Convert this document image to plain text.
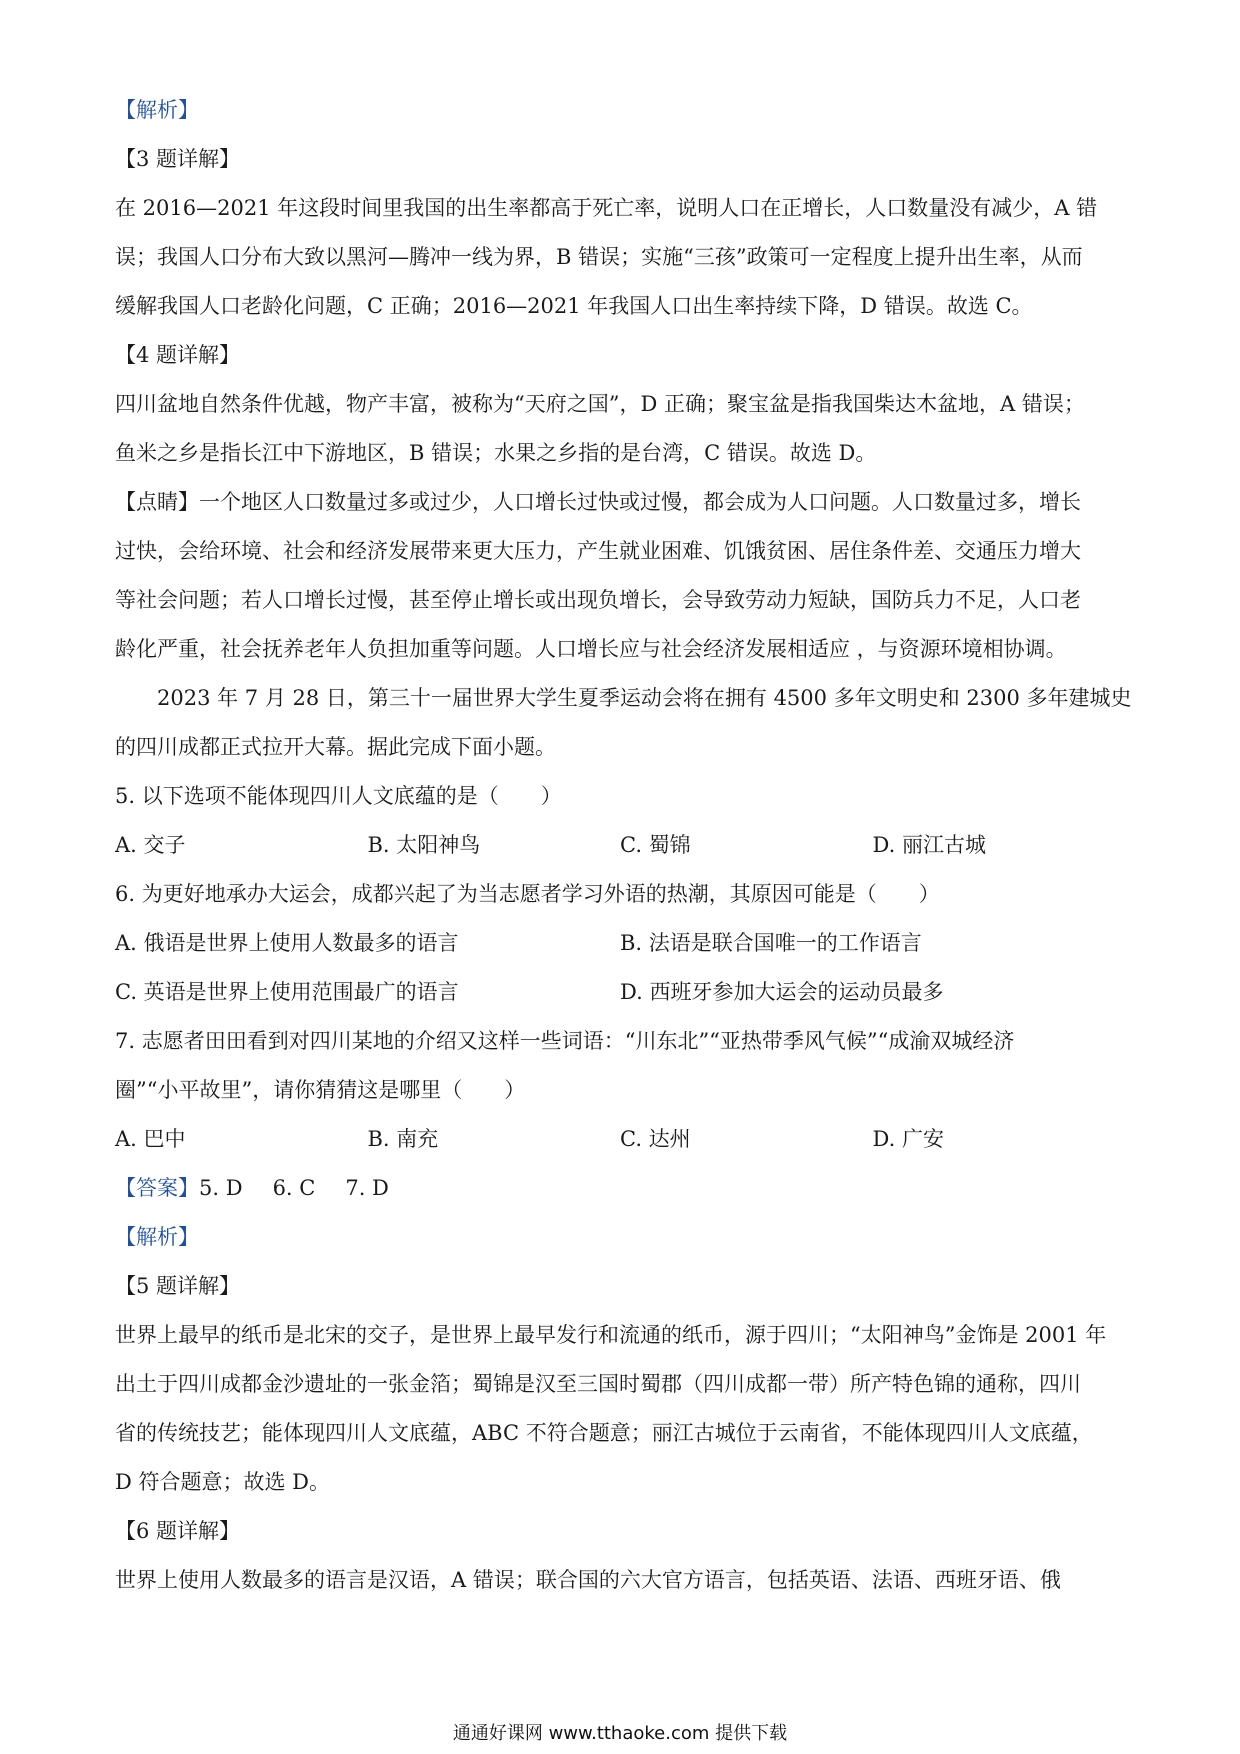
【解析】
【3 题详解】
在 2016—2021 年这段时间里我国的出生率都高于死亡率，说明人口在正增长，人口数量没有减少，A 错
误；我国人口分布大致以黑河—腾冲一线为界，B 错误；实施“三孩”政策可一定程度上提升出生率，从而
缓解我国人口老龄化问题，C 正确；2016—2021 年我国人口出生率持续下降，D 错误。故选 C。
【4 题详解】
四川盆地自然条件优越，物产丰富，被称为“天府之国”，D 正确；聚宝盆是指我国柴达木盆地，A 错误；
鱼米之乡是指长江中下游地区，B 错误；水果之乡指的是台湾，C 错误。故选 D。
【点睛】一个地区人口数量过多或过少，人口增长过快或过慢，都会成为人口问题。人口数量过多，增长
过快，会给环境、社会和经济发展带来更大压力，产生就业困难、饥饿贫困、居住条件差、交通压力增大
等社会问题；若人口增长过慢，甚至停止增长或出现负增长，会导致劳动力短缺，国防兵力不足，人口老
龄化严重，社会抚养老年人负担加重等问题。人口增长应与社会经济发展相适应 ，与资源环境相协调。
2023 年 7 月 28 日，第三十一届世界大学生夏季运动会将在拥有 4500 多年文明史和 2300 多年建城史
的四川成都正式拉开大幕。据此完成下面小题。
5. 以下选项不能体现四川人文底蕴的是（　　）
A. 交子	B. 太阳神鸟	C. 蜀锦	D. 丽江古城
6. 为更好地承办大运会，成都兴起了为当志愿者学习外语的热潮，其原因可能是（　　）
A. 俄语是世界上使用人数最多的语言	B. 法语是联合国唯一的工作语言
C. 英语是世界上使用范围最广的语言	D. 西班牙参加大运会的运动员最多
7. 志愿者田田看到对四川某地的介绍又这样一些词语：“川东北”“亚热带季风气候”“成渝双城经济
圈”“小平故里”，请你猜猜这是哪里（　　）
A. 巴中	B. 南充	C. 达州	D. 广安
【答案】5. D 6. C 7. D
【解析】
【5 题详解】
世界上最早的纸币是北宋的交子，是世界上最早发行和流通的纸币，源于四川；“太阳神鸟”金饰是 2001 年
出土于四川成都金沙遗址的一张金箔；蜀锦是汉至三国时蜀郡（四川成都一带）所产特色锦的通称，四川
省的传统技艺；能体现四川人文底蕴，ABC 不符合题意；丽江古城位于云南省，不能体现四川人文底蕴，
D 符合题意；故选 D。
【6 题详解】
世界上使用人数最多的语言是汉语，A 错误；联合国的六大官方语言，包括英语、法语、西班牙语、俄
通通好课网 www.tthaoke.com 提供下载
